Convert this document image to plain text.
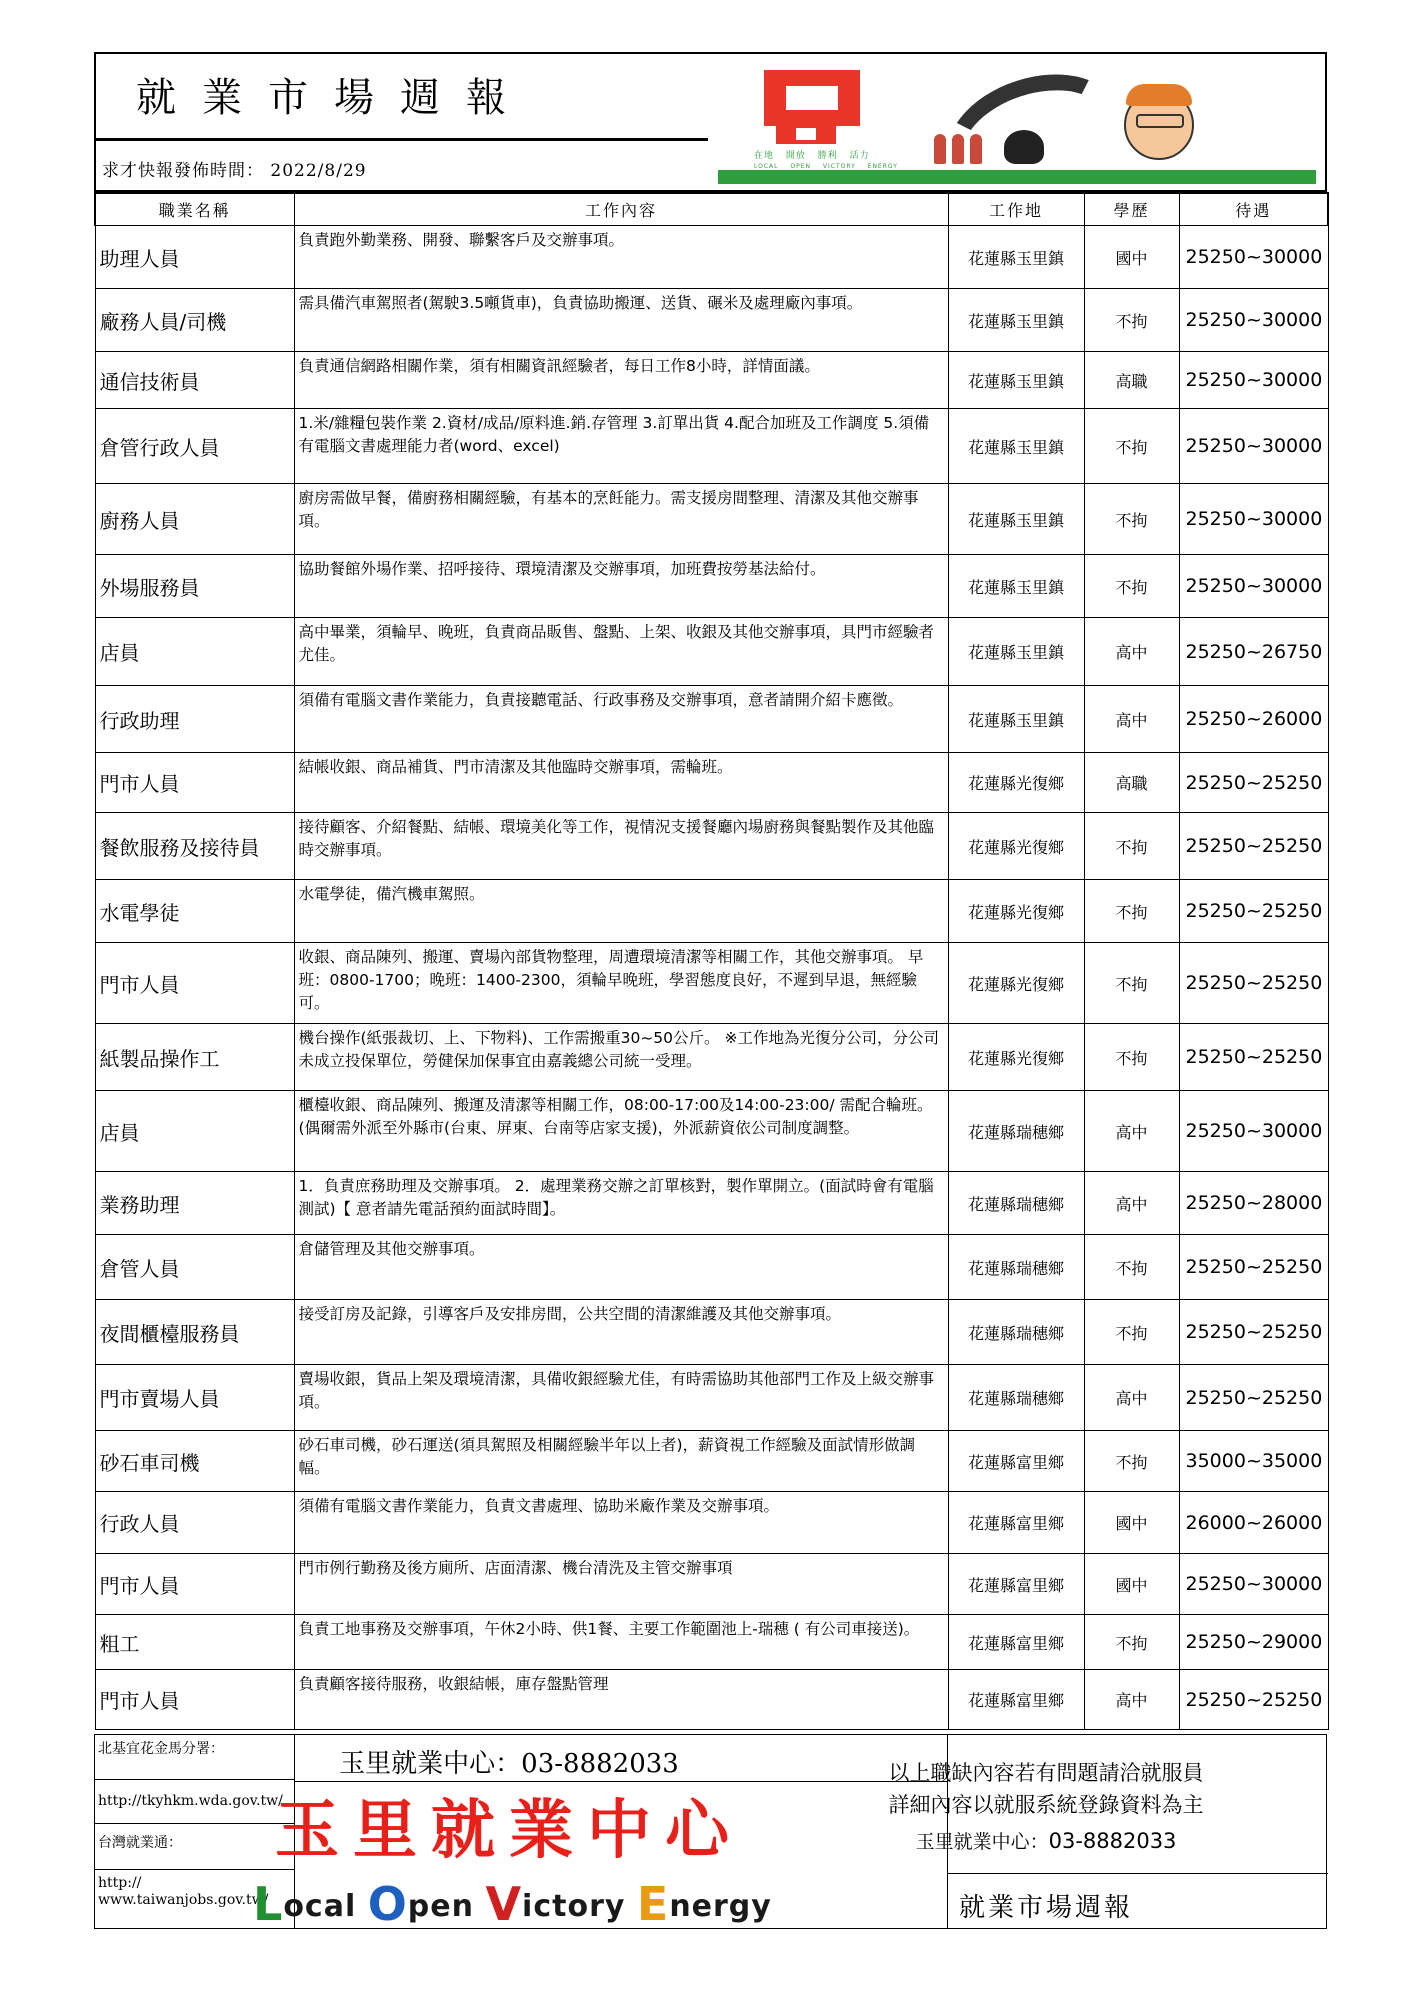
就業市場週報
求才快報發佈時間： 2022/8/29
在地 開放 勝利 活力
LOCAL OPEN VICTORY ENERGY
職業名稱	工作內容	工作地	學歷	待遇
助理人員	負責跑外勤業務、開發、聯繫客戶及交辦事項。	花蓮縣玉里鎮	國中	25250~30000
廠務人員/司機	需具備汽車駕照者(駕駛3.5噸貨車)，負責協助搬運、送貨、碾米及處理廠內事項。	花蓮縣玉里鎮	不拘	25250~30000
通信技術員	負責通信網路相關作業，須有相關資訊經驗者，每日工作8小時，詳情面議。	花蓮縣玉里鎮	高職	25250~30000
倉管行政人員	1.米/雜糧包裝作業 2.資材/成品/原料進.銷.存管理 3.訂單出貨 4.配合加班及工作調度 5.須備有電腦文書處理能力者(word、excel)	花蓮縣玉里鎮	不拘	25250~30000
廚務人員	廚房需做早餐，備廚務相關經驗，有基本的烹飪能力。需支援房間整理、清潔及其他交辦事項。	花蓮縣玉里鎮	不拘	25250~30000
外場服務員	協助餐館外場作業、招呼接待、環境清潔及交辦事項，加班費按勞基法給付。	花蓮縣玉里鎮	不拘	25250~30000
店員	高中畢業，須輪早、晚班，負責商品販售、盤點、上架、收銀及其他交辦事項，具門市經驗者尤佳。	花蓮縣玉里鎮	高中	25250~26750
行政助理	須備有電腦文書作業能力，負責接聽電話、行政事務及交辦事項，意者請開介紹卡應徵。	花蓮縣玉里鎮	高中	25250~26000
門市人員	結帳收銀、商品補貨、門市清潔及其他臨時交辦事項，需輪班。	花蓮縣光復鄉	高職	25250~25250
餐飲服務及接待員	接待顧客、介紹餐點、結帳、環境美化等工作，視情況支援餐廳內場廚務與餐點製作及其他臨時交辦事項。	花蓮縣光復鄉	不拘	25250~25250
水電學徒	水電學徒，備汽機車駕照。	花蓮縣光復鄉	不拘	25250~25250
門市人員	收銀、商品陳列、搬運、賣場內部貨物整理，周遭環境清潔等相關工作，其他交辦事項。 早班：0800-1700；晚班：1400-2300，須輪早晚班，學習態度良好，不遲到早退，無經驗可。	花蓮縣光復鄉	不拘	25250~25250
紙製品操作工	機台操作(紙張裁切、上、下物料)、工作需搬重30~50公斤。 ※工作地為光復分公司，分公司未成立投保單位，勞健保加保事宜由嘉義總公司統一受理。	花蓮縣光復鄉	不拘	25250~25250
店員	櫃檯收銀、商品陳列、搬運及清潔等相關工作，08:00-17:00及14:00-23:00/ 需配合輪班。(偶爾需外派至外縣市(台東、屏東、台南等店家支援)，外派薪資依公司制度調整。	花蓮縣瑞穗鄉	高中	25250~30000
業務助理	1．負責庶務助理及交辦事項。 2．處理業務交辦之訂單核對，製作單開立。(面試時會有電腦測試)【 意者請先電話預約面試時間】。	花蓮縣瑞穗鄉	高中	25250~28000
倉管人員	倉儲管理及其他交辦事項。	花蓮縣瑞穗鄉	不拘	25250~25250
夜間櫃檯服務員	接受訂房及記錄，引導客戶及安排房間，公共空間的清潔維護及其他交辦事項。	花蓮縣瑞穗鄉	不拘	25250~25250
門市賣場人員	賣場收銀，貨品上架及環境清潔，具備收銀經驗尤佳，有時需協助其他部門工作及上級交辦事項。	花蓮縣瑞穗鄉	高中	25250~25250
砂石車司機	砂石車司機，砂石運送(須具駕照及相關經驗半年以上者)，薪資視工作經驗及面試情形做調幅。	花蓮縣富里鄉	不拘	35000~35000
行政人員	須備有電腦文書作業能力，負責文書處理、協助米廠作業及交辦事項。	花蓮縣富里鄉	國中	26000~26000
門市人員	門市例行勤務及後方廁所、店面清潔、機台清洗及主管交辦事項	花蓮縣富里鄉	國中	25250~30000
粗工	負責工地事務及交辦事項，午休2小時、供1餐、主要工作範圍池上-瑞穗 ( 有公司車接送)。	花蓮縣富里鄉	不拘	25250~29000
門市人員	負責顧客接待服務，收銀結帳，庫存盤點管理	花蓮縣富里鄉	高中	25250~25250
北基宜花金馬分署：
http://tkyhkm.wda.gov.tw/
台灣就業通：
http://
www.taiwanjobs.gov.tw/
玉里就業中心：03-8882033
玉里就業中心
Local Open Victory Energy
以上職缺內容若有問題請洽就服員
詳細內容以就服系統登錄資料為主
玉里就業中心：03-8882033
就業市場週報
